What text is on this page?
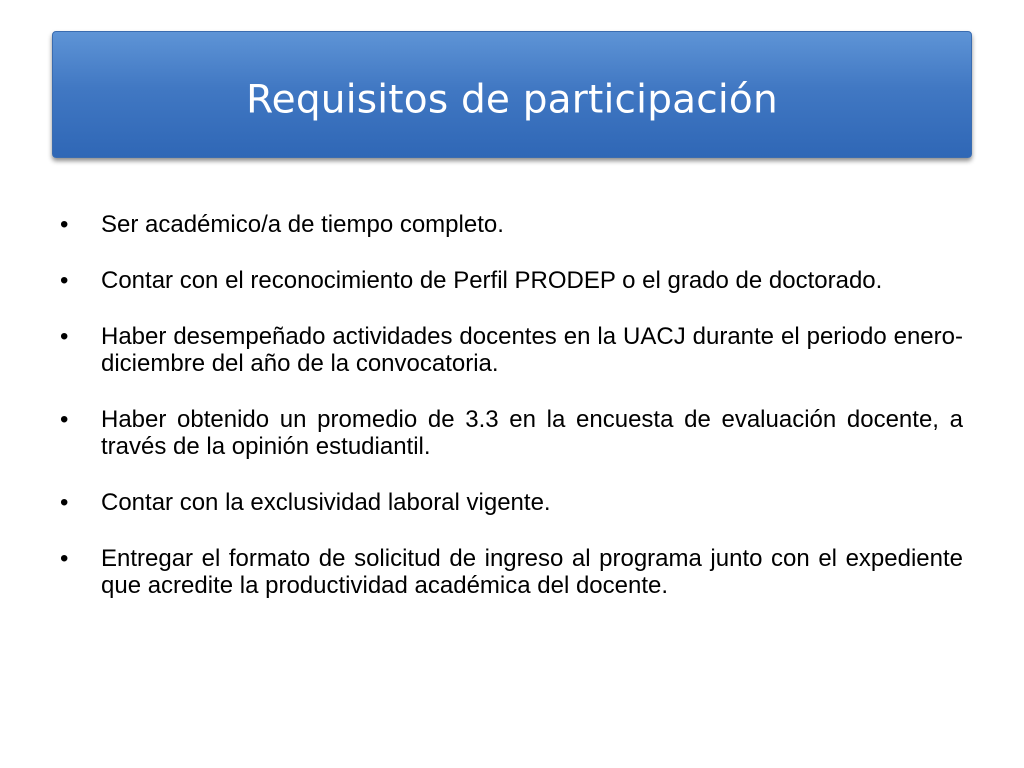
Requisitos de participación
• Ser académico/a de tiempo completo.
• Contar con el reconocimiento de Perfil PRODEP o el grado de doctorado.
• Haber desempeñado actividades docentes en la UACJ durante el periodo enero-diciembre del año de la convocatoria.
• Haber obtenido un promedio de 3.3 en la encuesta de evaluación docente, a través de la opinión estudiantil.
• Contar con la exclusividad laboral vigente.
• Entregar el formato de solicitud de ingreso al programa junto con el expediente que acredite la productividad académica del docente.
